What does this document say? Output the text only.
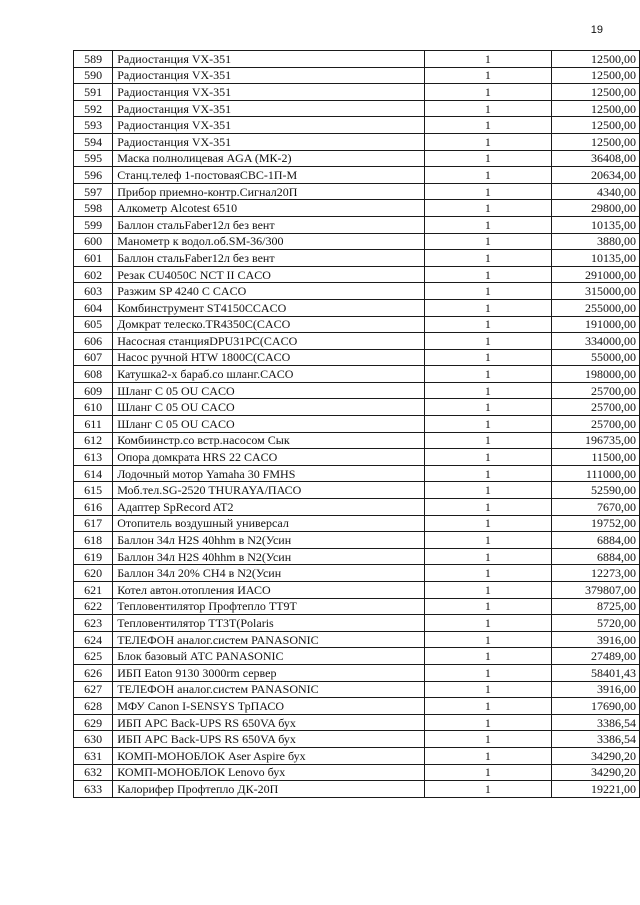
19
589	Радиостанция VX-351	1	12500,00
590	Радиостанция VX-351	1	12500,00
591	Радиостанция VX-351	1	12500,00
592	Радиостанция VX-351	1	12500,00
593	Радиостанция VX-351	1	12500,00
594	Радиостанция VX-351	1	12500,00
595	Маска полнолицевая AGA (МК-2)	1	36408,00
596	Станц.телеф 1-постоваяСВС-1П-М	1	20634,00
597	Прибор приемно-контр.Сигнал20П	1	4340,00
598	Алкометр Alcotest 6510	1	29800,00
599	Баллон стальFaber12л без вент	1	10135,00
600	Манометр к водол.об.SM-36/300	1	3880,00
601	Баллон стальFaber12л без вент	1	10135,00
602	Резак CU4050C NCT II CACO	1	291000,00
603	Разжим SP 4240 C CACO	1	315000,00
604	Комбинструмент ST4150CCACO	1	255000,00
605	Домкрат телеско.TR4350C(CACO	1	191000,00
606	Насосная станцияDPU31PC(CACO	1	334000,00
607	Насос ручной HTW 1800C(CACO	1	55000,00
608	Катушка2-х бараб.со шланг.CACO	1	198000,00
609	Шланг C 05 OU CACO	1	25700,00
610	Шланг C 05 OU CACO	1	25700,00
611	Шланг C 05 OU CACO	1	25700,00
612	Комбиинстр.со встр.насосом Сык	1	196735,00
613	Опора домкрата HRS 22 CACO	1	11500,00
614	Лодочный мотор Yamaha 30 FMHS	1	111000,00
615	Моб.тел.SG-2520 THURAYA/ПАСО	1	52590,00
616	Адаптер SpRecord AT2	1	7670,00
617	Отопитель воздушный универсал	1	19752,00
618	Баллон 34л H2S 40hhm в N2(Усин	1	6884,00
619	Баллон 34л H2S 40hhm в N2(Усин	1	6884,00
620	Баллон 34л 20% CH4 в N2(Усин	1	12273,00
621	Котел автон.отопления ИАСО	1	379807,00
622	Тепловентилятор Профтепло ТТ9Т	1	8725,00
623	Тепловентилятор ТТ3Т(Polaris	1	5720,00
624	ТЕЛЕФОН аналог.систем PANASONIC	1	3916,00
625	Блок базовый АТС PANASONIC	1	27489,00
626	ИБП Eaton 9130 3000rm сервер	1	58401,43
627	ТЕЛЕФОН аналог.систем PANASONIC	1	3916,00
628	МФУ Canon I-SENSYS ТрПАСО	1	17690,00
629	ИБП APC Back-UPS RS 650VA бух	1	3386,54
630	ИБП APC Back-UPS RS 650VA бух	1	3386,54
631	КОМП-МОНОБЛОК Aser Aspire бух	1	34290,20
632	КОМП-МОНОБЛОК Lenovo бух	1	34290,20
633	Калорифер Профтепло ДК-20П	1	19221,00
